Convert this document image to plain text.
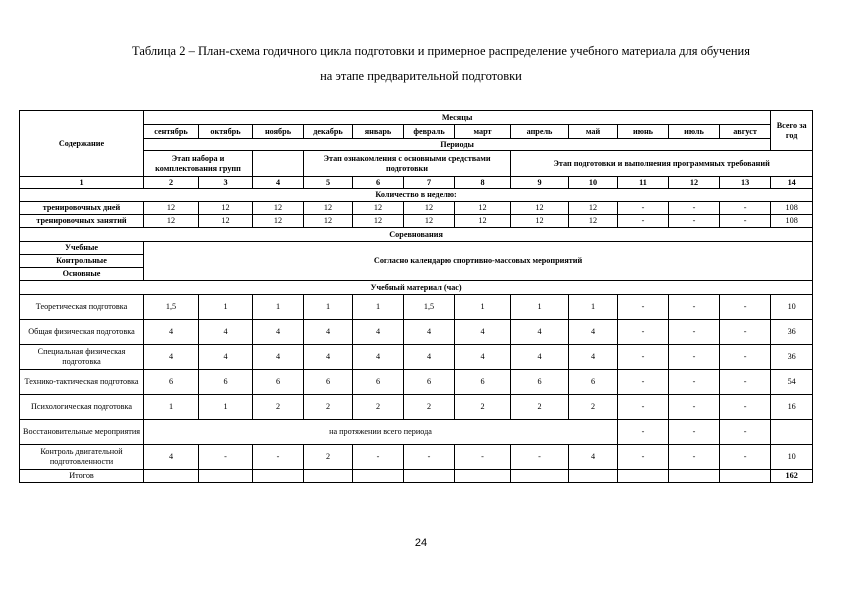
Таблица 2 – План-схема годичного цикла подготовки и примерное распределение учебного материала для обучения
на этапе предварительной подготовки
Содержание	Месяцы												Всего за год
	сентябрь	октябрь	ноябрь	декабрь	январь	февраль	март	апрель	май	июнь	июль	август	
	Периоды												
	Этап набора и комплектования групп			Этап ознакомления с основными средствами подготовки				Этап подготовки и выполнения программных требований					
1	2	3	4	5	6	7	8	9	10	11	12	13	14
Количество в неделю:													
тренировочных дней	12	12	12	12	12	12	12	12	12	-	-	-	108
тренировочных занятий	12	12	12	12	12	12	12	12	12	-	-	-	108
Соревнования													
Учебные	Согласно календарю спортивно-массовых мероприятий												
Контрольные													
Основные													
Учебный материал (час)													
Теоретическая подготовка	1,5	1	1	1	1	1,5	1	1	1	-	-	-	10
Общая физическая подготовка	4	4	4	4	4	4	4	4	4	-	-	-	36
Специальная физическая подготовка	4	4	4	4	4	4	4	4	4	-	-	-	36
Технико-тактическая подготовка	6	6	6	6	6	6	6	6	6	-	-	-	54
Психологическая подготовка	1	1	2	2	2	2	2	2	2	-	-	-	16
Восстановительные мероприятия	на протяжении всего периода									-	-	-	
Контроль двигательной подготовленности	4	-	-	2	-	-	-	-	4	-	-	-	10
Итогов													162
24
